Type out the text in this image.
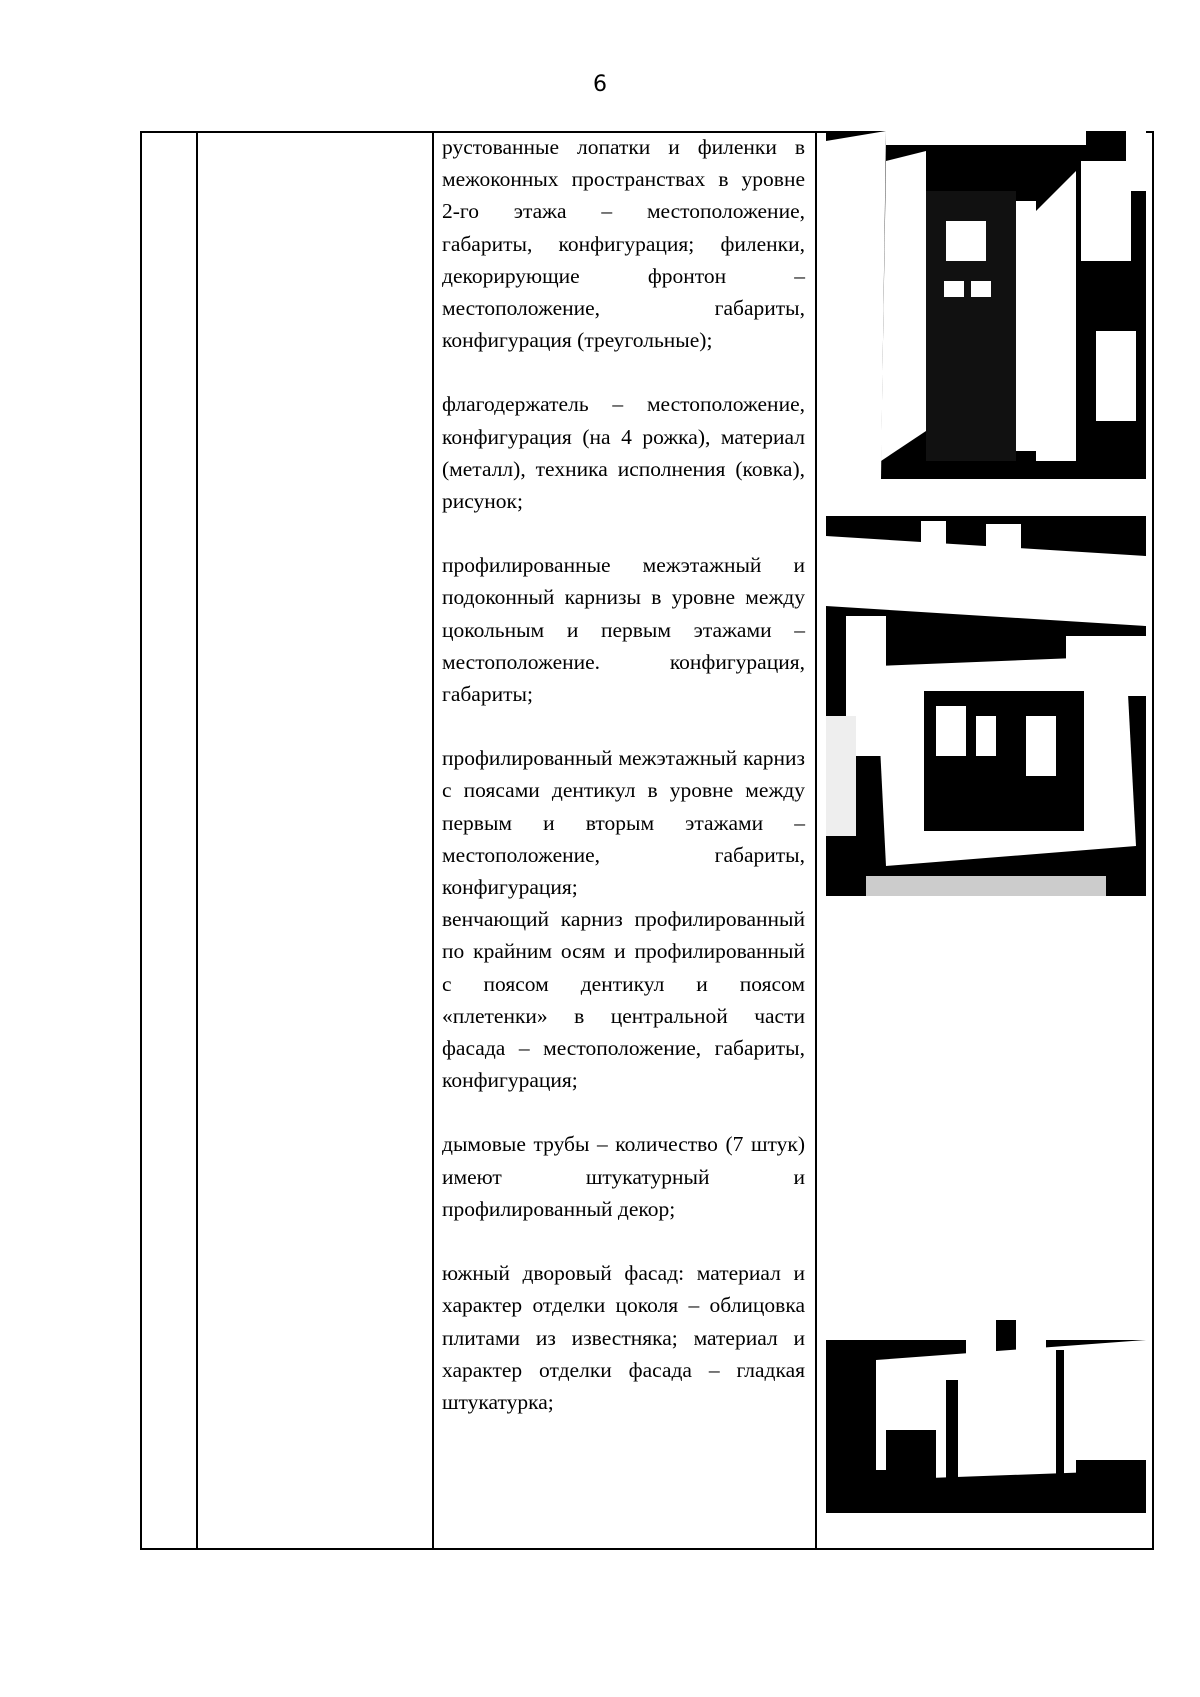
6

рустованные лопатки и филенки в межоконных пространствах в уровне 2-го этажа – местоположение, габариты, конфигурация; филенки, декорирующие фронтон – местоположение, габариты, конфигурация (треугольные);

флагодержатель – местоположение, конфигурация (на 4 рожка), материал (металл), техника исполнения (ковка), рисунок;

профилированные межэтажный и подоконный карнизы в уровне между цокольным и первым этажами – местоположение. конфигурация, габариты;

профилированный межэтажный карниз с поясами дентикул в уровне между первым и вторым этажами – местоположение, габариты, конфигурация;

венчающий карниз профилированный по крайним осям и профилированный с поясом дентикул и поясом «плетенки» в центральной части фасада – местоположение, габариты, конфигурация;

дымовые трубы – количество (7 штук) имеют штукатурный и профилированный декор;

южный дворовый фасад: материал и характер отделки цоколя – облицовка плитами из известняка; материал и характер отделки фасада – гладкая штукатурка;
